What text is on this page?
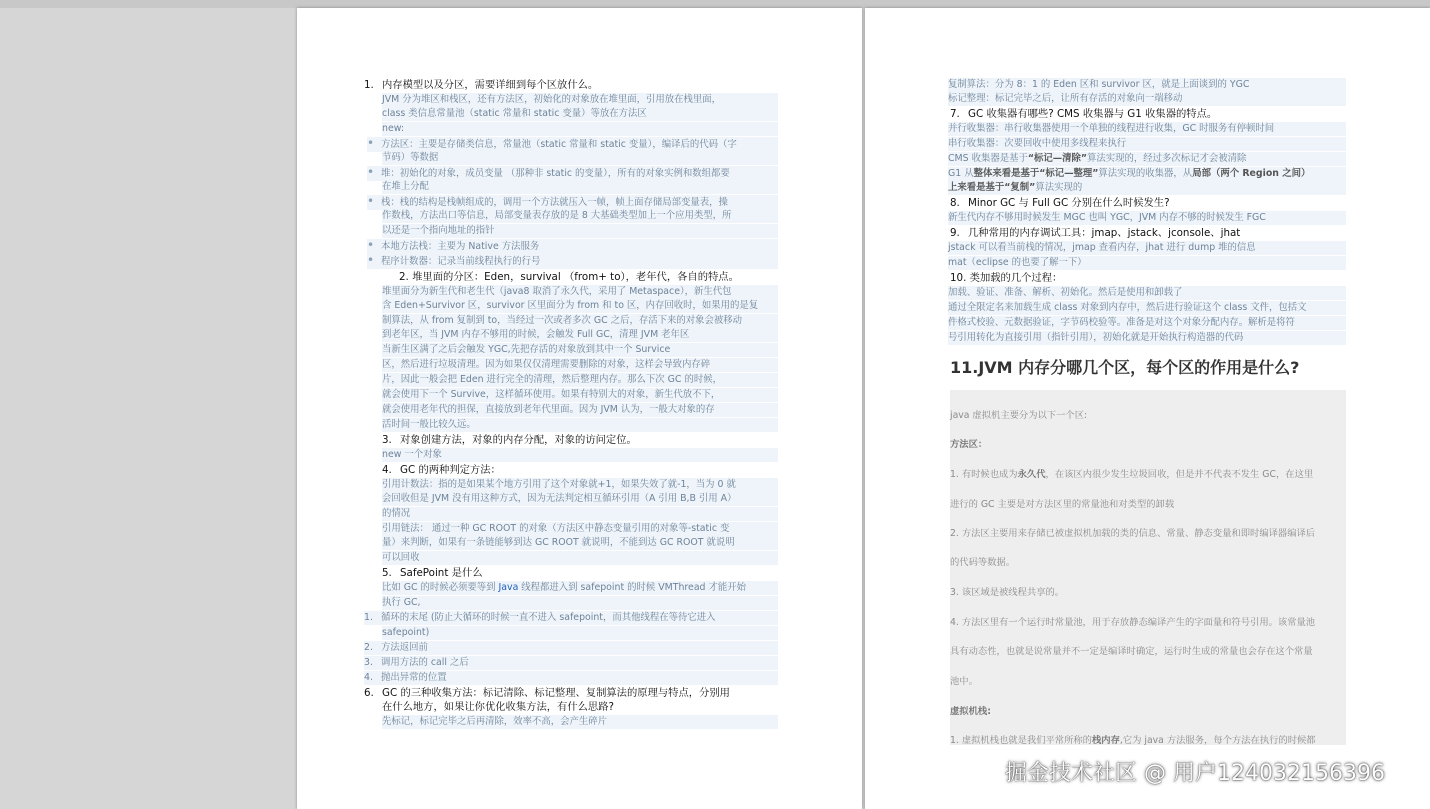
1. 内存模型以及分区，需要详细到每个区放什么。
JVM 分为堆区和栈区，还有方法区，初始化的对象放在堆里面，引用放在栈里面，
class 类信息常量池（static 常量和 static 变量）等放在方法区
new:
• 方法区：主要是存储类信息，常量池（static 常量和 static 变量），编译后的代码（字
节码）等数据
• 堆：初始化的对象，成员变量 （那种非 static 的变量），所有的对象实例和数组都要
在堆上分配
• 栈：栈的结构是栈帧组成的，调用一个方法就压入一帧，帧上面存储局部变量表，操
作数栈，方法出口等信息，局部变量表存放的是 8 大基础类型加上一个应用类型，所
以还是一个指向地址的指针
• 本地方法栈：主要为 Native 方法服务
• 程序计数器：记录当前线程执行的行号
2. 堆里面的分区：Eden，survival （from+ to），老年代，各自的特点。
堆里面分为新生代和老生代（java8 取消了永久代，采用了 Metaspace），新生代包
含 Eden+Survivor 区，survivor 区里面分为 from 和 to 区，内存回收时，如果用的是复
制算法，从 from 复制到 to，当经过一次或者多次 GC 之后，存活下来的对象会被移动
到老年区，当 JVM 内存不够用的时候，会触发 Full GC，清理 JVM 老年区
当新生区满了之后会触发 YGC,先把存活的对象放到其中一个 Survice
区，然后进行垃圾清理。因为如果仅仅清理需要删除的对象，这样会导致内存碎
片，因此一般会把 Eden 进行完全的清理，然后整理内存。那么下次 GC 的时候，
就会使用下一个 Survive，这样循环使用。如果有特别大的对象，新生代放不下，
就会使用老年代的担保，直接放到老年代里面。因为 JVM 认为，一般大对象的存
活时间一般比较久远。
3. 对象创建方法，对象的内存分配，对象的访问定位。
new 一个对象
4. GC 的两种判定方法：
引用计数法：指的是如果某个地方引用了这个对象就+1，如果失效了就-1，当为 0 就
会回收但是 JVM 没有用这种方式，因为无法判定相互循环引用（A 引用 B,B 引用 A）
的情况
引用链法： 通过一种 GC ROOT 的对象（方法区中静态变量引用的对象等-static 变
量）来判断，如果有一条链能够到达 GC ROOT 就说明，不能到达 GC ROOT 就说明
可以回收
5. SafePoint 是什么
比如 GC 的时候必须要等到 Java 线程都进入到 safepoint 的时候 VMThread 才能开始
执行 GC,
1. 循环的末尾 (防止大循环的时候一直不进入 safepoint，而其他线程在等待它进入
safepoint)
2. 方法返回前
3. 调用方法的 call 之后
4. 抛出异常的位置
6. GC 的三种收集方法：标记清除、标记整理、复制算法的原理与特点，分别用
在什么地方，如果让你优化收集方法，有什么思路?
先标记，标记完毕之后再清除，效率不高，会产生碎片
复制算法：分为 8：1 的 Eden 区和 survivor 区，就是上面谈到的 YGC
标记整理：标记完毕之后，让所有存活的对象向一端移动
7. GC 收集器有哪些? CMS 收集器与 G1 收集器的特点。
并行收集器：串行收集器使用一个单独的线程进行收集，GC 时服务有停顿时间
串行收集器：次要回收中使用多线程来执行
CMS 收集器是基于“标记—清除”算法实现的，经过多次标记才会被清除
G1 从整体来看是基于“标记—整理”算法实现的收集器，从局部（两个 Region 之间）
上来看是基于“复制”算法实现的
8. Minor GC 与 Full GC 分别在什么时候发生?
新生代内存不够用时候发生 MGC 也叫 YGC，JVM 内存不够的时候发生 FGC
9. 几种常用的内存调试工具：jmap、jstack、jconsole、jhat
jstack 可以看当前栈的情况，jmap 查看内存，jhat 进行 dump 堆的信息
mat（eclipse 的也要了解一下）
10. 类加载的几个过程：
加载、验证、准备、解析、初始化。然后是使用和卸载了
通过全限定名来加载生成 class 对象到内存中，然后进行验证这个 class 文件，包括文
件格式校验、元数据验证，字节码校验等。准备是对这个对象分配内存。解析是将符
号引用转化为直接引用（指针引用），初始化就是开始执行构造器的代码
11.JVM 内存分哪几个区，每个区的作用是什么?
java 虚拟机主要分为以下一个区:
方法区：
1. 有时候也成为永久代，在该区内很少发生垃圾回收，但是并不代表不发生 GC，在这里
进行的 GC 主要是对方法区里的常量池和对类型的卸载
2. 方法区主要用来存储已被虚拟机加载的类的信息、常量、静态变量和即时编译器编译后
的代码等数据。
3. 该区域是被线程共享的。
4. 方法区里有一个运行时常量池，用于存放静态编译产生的字面量和符号引用。该常量池
具有动态性，也就是说常量并不一定是编译时确定，运行时生成的常量也会存在这个常量
池中。
虚拟机栈:
1. 虚拟机栈也就是我们平常所称的栈内存,它为 java 方法服务，每个方法在执行的时候都
掘金技术社区 @ 用户124032156396
